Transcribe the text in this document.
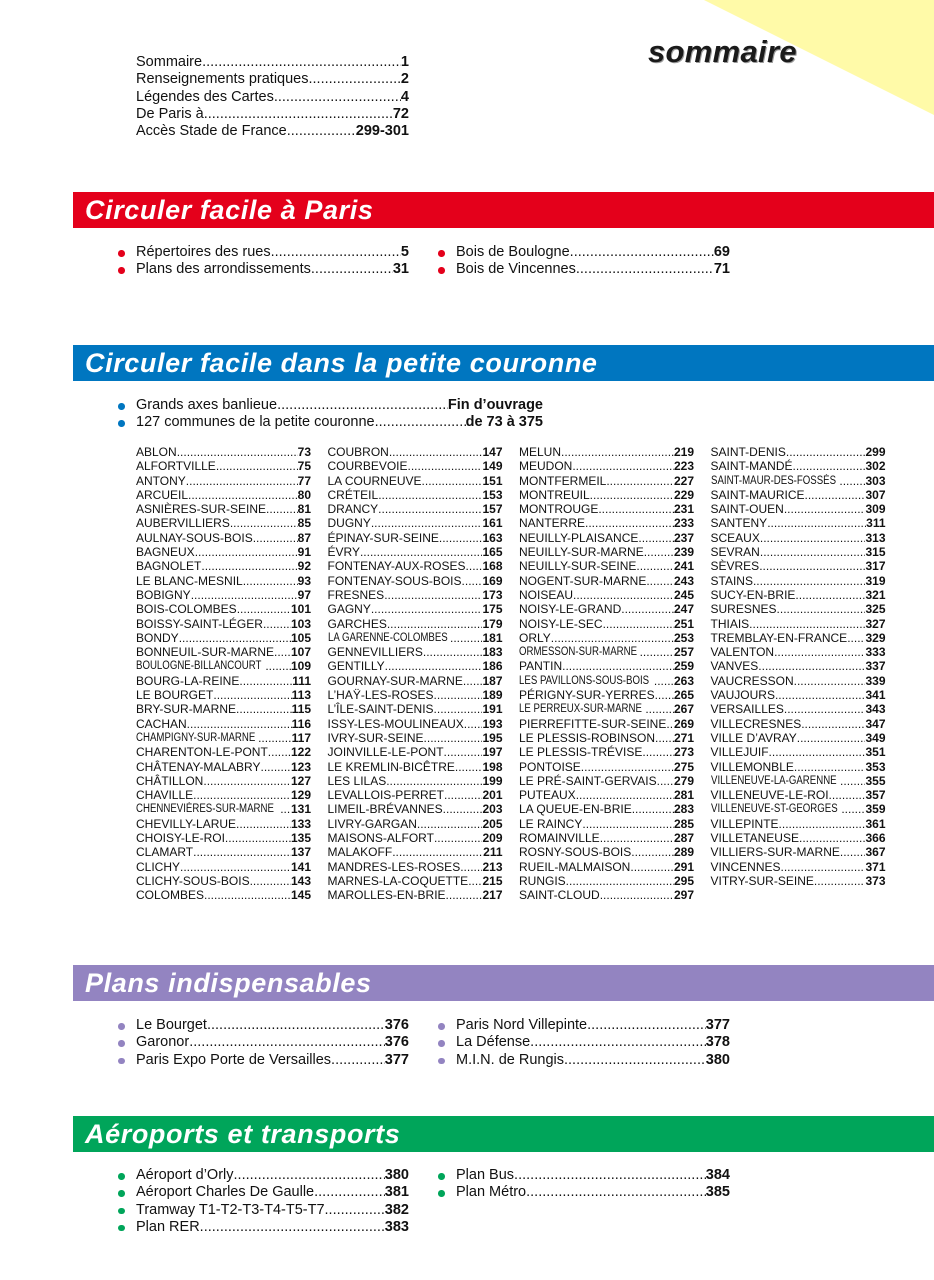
sommaire
Sommaire .....	1
Renseignements pratiques .....	2
Légendes des Cartes .....	4
De Paris à .....	72
Accès Stade de France .....	299-301
Circuler facile à Paris
Répertoires des rues .....	5
Plans des arrondissements .....	31
Bois de Boulogne .....	69
Bois de Vincennes .....	71
Circuler facile dans la petite couronne
Grands axes banlieue .....	Fin d’ouvrage
127 communes de la petite couronne .....	de 73 à 375
ABLON .....	73
ALFORTVILLE .....	75
ANTONY .....	77
ARCUEIL .....	80
ASNIÈRES-SUR-SEINE .....	81
AUBERVILLIERS .....	85
AULNAY-SOUS-BOIS .....	87
BAGNEUX .....	91
BAGNOLET .....	92
LE BLANC-MESNIL .....	93
BOBIGNY .....	97
BOIS-COLOMBES .....	101
BOISSY-SAINT-LÉGER ..... 103
BONDY .....	105
BONNEUIL-SUR-MARNE ..... 107
BOULOGNE-BILLANCOURT ..... 109
BOURG-LA-REINE .....	111
LE BOURGET .....	113
BRY-SUR-MARNE .....	115
CACHAN .....	116
CHAMPIGNY-SUR-MARNE .....	117
CHARENTON-LE-PONT ..... 122
CHÂTENAY-MALABRY .....	123
CHÂTILLON .....	127
CHAVILLE .....	129
CHENNEVIÈRES-SUR-MARNE ..... 131
CHEVILLY-LARUE .....	133
CHOISY-LE-ROI .....	135
CLAMART .....	137
CLICHY .....	141
CLICHY-SOUS-BOIS .....	143
COLOMBES .....	145
COUBRON .....	147
COURBEVOIE .....	149
LA COURNEUVE .....	151
CRÉTEIL .....	153
DRANCY .....	157
DUGNY .....	161
ÉPINAY-SUR-SEINE .....	163
ÉVRY .....	165
FONTENAY-AUX-ROSES ..... 168
FONTENAY-SOUS-BOIS ..... 169
FRESNES .....	173
GAGNY .....	175
GARCHES .....	179
LA GARENNE-COLOMBES .....	181
GENNEVILLIERS .....	183
GENTILLY .....	186
GOURNAY-SUR-MARNE ..... 187
L’HAŸ-LES-ROSES .....	189
L’ÎLE-SAINT-DENIS .....	191
ISSY-LES-MOULINEAUX ..... 193
IVRY-SUR-SEINE .....	195
JOINVILLE-LE-PONT .....	197
LE KREMLIN-BICÊTRE ..... 198
LES LILAS .....	199
LEVALLOIS-PERRET .....	201
LIMEIL-BRÉVANNES .....	203
LIVRY-GARGAN .....	205
MAISONS-ALFORT .....	209
MALAKOFF .....	211
MANDRES-LES-ROSES ..... 213
MARNES-LA-COQUETTE ..... 215
MAROLLES-EN-BRIE .....	217
MELUN .....	219
MEUDON .....	223
MONTFERMEIL .....	227
MONTREUIL .....	229
MONTROUGE .....	231
NANTERRE .....	233
NEUILLY-PLAISANCE .....	237
NEUILLY-SUR-MARNE .....	239
NEUILLY-SUR-SEINE .....	241
NOGENT-SUR-MARNE ..... 243
NOISEAU .....	245
NOISY-LE-GRAND .....	247
NOISY-LE-SEC .....	251
ORLY .....	253
ORMESSON-SUR-MARNE .....	257
PANTIN .....	259
LES PAVILLONS-SOUS-BOIS ..... 263
PÉRIGNY-SUR-YERRES ..... 265
LE PERREUX-SUR-MARNE .....	267
PIERREFITTE-SUR-SEINE ..... 269
LE PLESSIS-ROBINSON ..... 271
LE PLESSIS-TRÉVISE .....	273
PONTOISE .....	275
LE PRÉ-SAINT-GERVAIS ..... 279
PUTEAUX .....	281
LA QUEUE-EN-BRIE .....	283
LE RAINCY .....	285
ROMAINVILLE .....	287
ROSNY-SOUS-BOIS .....	289
RUEIL-MALMAISON .....	291
RUNGIS .....	295
SAINT-CLOUD .....	297
SAINT-DENIS .....	299
SAINT-MANDÉ .....	302
SAINT-MAUR-DES-FOSSÉS ..... 303
SAINT-MAURICE .....	307
SAINT-OUEN .....	309
SANTENY .....	311
SCEAUX .....	313
SEVRAN .....	315
SÈVRES .....	317
STAINS .....	319
SUCY-EN-BRIE .....	321
SURESNES .....	325
THIAIS .....	327
TREMBLAY-EN-FRANCE ..... 329
VALENTON .....	333
VANVES .....	337
VAUCRESSON .....	339
VAUJOURS .....	341
VERSAILLES .....	343
VILLECRESNES .....	347
VILLE D’AVRAY .....	349
VILLEJUIF .....	351
VILLEMONBLE .....	353
VILLENEUVE-LA-GARENNE ..... 355
VILLENEUVE-LE-ROI .....	357
VILLENEUVE-ST-GEORGES ..... 359
VILLEPINTE .....	361
VILLETANEUSE .....	366
VILLIERS-SUR-MARNE ..... 367
VINCENNES .....	371
VITRY-SUR-SEINE .....	373
Plans indispensables
Le Bourget .....	376
Garonor .....	376
Paris Expo Porte de Versailles .....	377
Paris Nord Villepinte .....	377
La Défense .....	378
M.I.N. de Rungis .....	380
Aéroports et transports
Aéroport d’Orly .....	380
Aéroport Charles De Gaulle .....	381
Tramway T1-T2-T3-T4-T5-T7 .....	382
Plan RER .....	383
Plan Bus .....	384
Plan Métro .....	385
